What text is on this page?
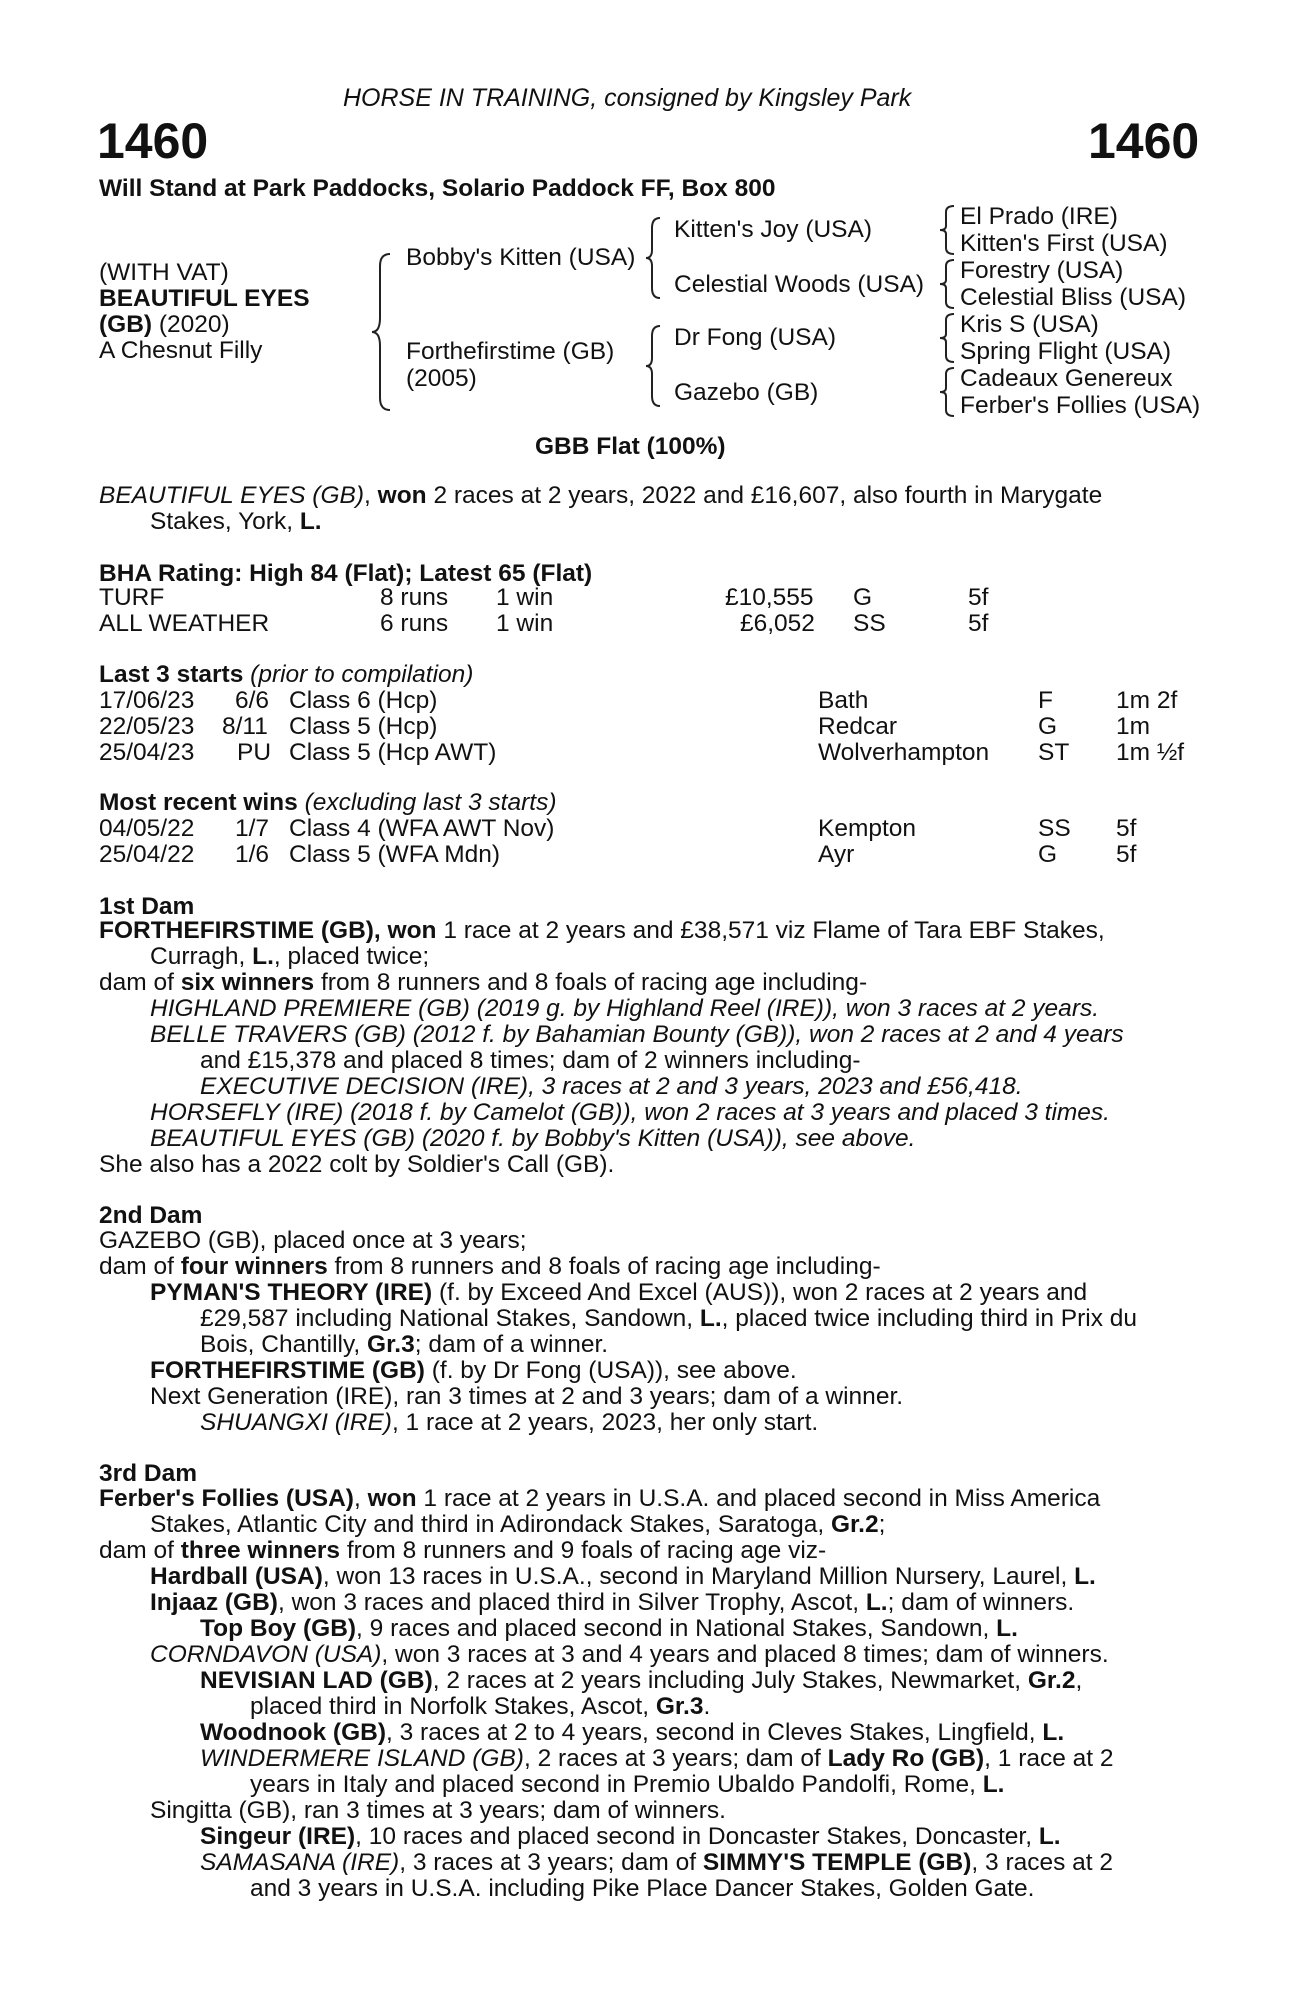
HORSE IN TRAINING, consigned by Kingsley Park
1460	1460
Will Stand at Park Paddocks, Solario Paddock FF, Box 800
(WITH VAT)
BEAUTIFUL EYES
(GB) (2020)
A Chesnut Filly
Bobby's Kitten (USA)
Forthefirstime (GB)
(2005)
Kitten's Joy (USA)
Celestial Woods (USA)
Dr Fong (USA)
Gazebo (GB)
El Prado (IRE)
Kitten's First (USA)
Forestry (USA)
Celestial Bliss (USA)
Kris S (USA)
Spring Flight (USA)
Cadeaux Genereux
Ferber's Follies (USA)
GBB Flat (100%)
BEAUTIFUL EYES (GB), won 2 races at 2 years, 2022 and £16,607, also fourth in Marygate
Stakes, York, L.
BHA Rating: High 84 (Flat); Latest 65 (Flat)
TURF	8 runs 1 win	£10,555 G	5f
ALL WEATHER	6 runs 1 win	£6,052 SS	5f
Last 3 starts (prior to compilation)
17/06/23 6/6 Class 6 (Hcp)	Bath	F	1m 2f
22/05/23 8/11 Class 5 (Hcp)	Redcar	G 1m
25/04/23 PU Class 5 (Hcp AWT)	Wolverhampton ST 1m ½f
Most recent wins (excluding last 3 starts)
04/05/22 1/7 Class 4 (WFA AWT Nov)	Kempton	SS 5f
25/04/22 1/6 Class 5 (WFA Mdn)	Ayr	G 5f
1st Dam
FORTHEFIRSTIME (GB), won 1 race at 2 years and £38,571 viz Flame of Tara EBF Stakes,
Curragh, L., placed twice;
dam of six winners from 8 runners and 8 foals of racing age including-
HIGHLAND PREMIERE (GB) (2019 g. by Highland Reel (IRE)), won 3 races at 2 years.
BELLE TRAVERS (GB) (2012 f. by Bahamian Bounty (GB)), won 2 races at 2 and 4 years
and £15,378 and placed 8 times; dam of 2 winners including-
EXECUTIVE DECISION (IRE), 3 races at 2 and 3 years, 2023 and £56,418.
HORSEFLY (IRE) (2018 f. by Camelot (GB)), won 2 races at 3 years and placed 3 times.
BEAUTIFUL EYES (GB) (2020 f. by Bobby's Kitten (USA)), see above.
She also has a 2022 colt by Soldier's Call (GB).
2nd Dam
GAZEBO (GB), placed once at 3 years;
dam of four winners from 8 runners and 8 foals of racing age including-
PYMAN'S THEORY (IRE) (f. by Exceed And Excel (AUS)), won 2 races at 2 years and
£29,587 including National Stakes, Sandown, L., placed twice including third in Prix du
Bois, Chantilly, Gr.3; dam of a winner.
FORTHEFIRSTIME (GB) (f. by Dr Fong (USA)), see above.
Next Generation (IRE), ran 3 times at 2 and 3 years; dam of a winner.
SHUANGXI (IRE), 1 race at 2 years, 2023, her only start.
3rd Dam
Ferber's Follies (USA), won 1 race at 2 years in U.S.A. and placed second in Miss America
Stakes, Atlantic City and third in Adirondack Stakes, Saratoga, Gr.2;
dam of three winners from 8 runners and 9 foals of racing age viz-
Hardball (USA), won 13 races in U.S.A., second in Maryland Million Nursery, Laurel, L.
Injaaz (GB), won 3 races and placed third in Silver Trophy, Ascot, L.; dam of winners.
Top Boy (GB), 9 races and placed second in National Stakes, Sandown, L.
CORNDAVON (USA), won 3 races at 3 and 4 years and placed 8 times; dam of winners.
NEVISIAN LAD (GB), 2 races at 2 years including July Stakes, Newmarket, Gr.2,
placed third in Norfolk Stakes, Ascot, Gr.3.
Woodnook (GB), 3 races at 2 to 4 years, second in Cleves Stakes, Lingfield, L.
WINDERMERE ISLAND (GB), 2 races at 3 years; dam of Lady Ro (GB), 1 race at 2
years in Italy and placed second in Premio Ubaldo Pandolfi, Rome, L.
Singitta (GB), ran 3 times at 3 years; dam of winners.
Singeur (IRE), 10 races and placed second in Doncaster Stakes, Doncaster, L.
SAMASANA (IRE), 3 races at 3 years; dam of SIMMY'S TEMPLE (GB), 3 races at 2
and 3 years in U.S.A. including Pike Place Dancer Stakes, Golden Gate.
